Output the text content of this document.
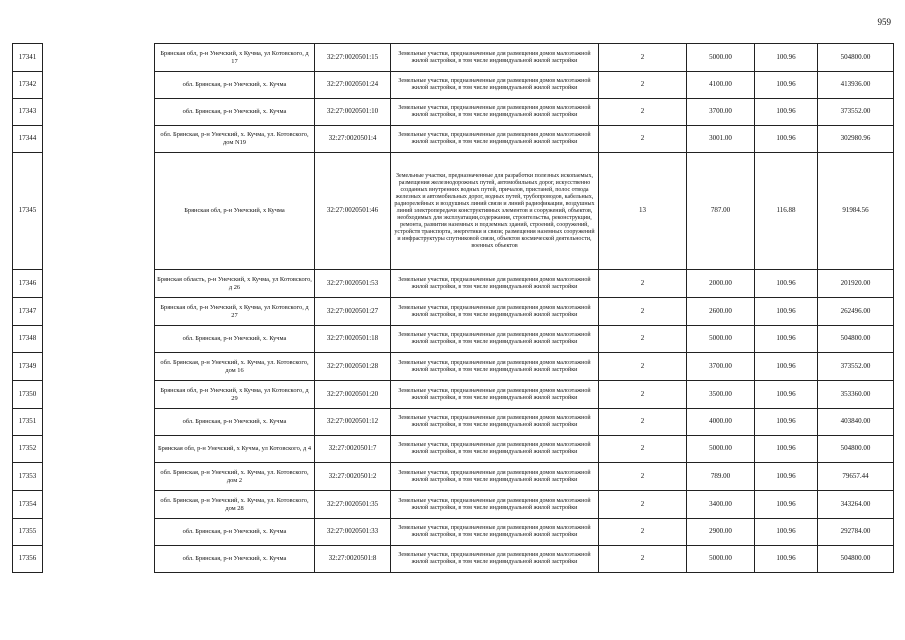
959
17341		Брянская обл, р-н Унечский, х Кучма, ул Котовского, д 17	32:27:0020501:15	Земельные участки, предназначенные для размещения домов малоэтажной жилой застройки, в том числе индивидуальной жилой застройки	2	5000.00	100.96	504800.00
17342		обл. Брянская, р-н Унечский, х. Кучма	32:27:0020501:24	Земельные участки, предназначенные для размещения домов малоэтажной жилой застройки, в том числе индивидуальной жилой застройки	2	4100.00	100.96	413936.00
17343		обл. Брянская, р-н Унечский, х. Кучма	32:27:0020501:10	Земельные участки, предназначенные для размещения домов малоэтажной жилой застройки, в том числе индивидуальной жилой застройки	2	3700.00	100.96	373552.00
17344		обл. Брянская, р-н Унечский, х. Кучма, ул. Котовского, дом N19	32:27:0020501:4	Земельные участки, предназначенные для размещения домов малоэтажной жилой застройки, в том числе индивидуальной жилой застройки	2	3001.00	100.96	302980.96
17345		Брянская обл, р-н Унечский, х Кучма	32:27:0020501:46	Земельные участки, предназначенные для разработки полезных ископаемых, размещения железнодорожных путей, автомобильных дорог, искусственно созданных внутренних водных путей, причалов, пристаней, полос отвода железных и автомобильных дорог, водных путей, трубопроводов, кабельных, радиорелейных и воздушных линий связи и линий радиофикации, воздушных линий электропередачи конструктивных элементов и сооружений, объектов, необходимых для эксплуатации,содержания, строительства, реконструкции, ремонта, развития наземных и подземных зданий, строений, сооружений, устройств транспорта, энергетики и связи; размещения наземных сооружений и инфраструктуры спутниковой связи, объектов космической деятельности, военных объектов	13	787.00	116.88	91984.56
17346		Брянская область, р-н Унечский, х Кучма, ул Котовского, д 26	32:27:0020501:53	Земельные участки, предназначенные для размещения домов малоэтажной жилой застройки, в том числе индивидуальной жилой застройки	2	2000.00	100.96	201920.00
17347		Брянская обл, р-н Унечский, х Кучма, ул Котовского, д 27	32:27:0020501:27	Земельные участки, предназначенные для размещения домов малоэтажной жилой застройки, в том числе индивидуальной жилой застройки	2	2600.00	100.96	262496.00
17348		обл. Брянская, р-н Унечский, х. Кучма	32:27:0020501:18	Земельные участки, предназначенные для размещения домов малоэтажной жилой застройки, в том числе индивидуальной жилой застройки	2	5000.00	100.96	504800.00
17349		обл. Брянская, р-н Унечский, х. Кучма, ул. Котовского, дом 16	32:27:0020501:28	Земельные участки, предназначенные для размещения домов малоэтажной жилой застройки, в том числе индивидуальной жилой застройки	2	3700.00	100.96	373552.00
17350		Брянская обл, р-н Унечский, х Кучма, ул Котовского, д 29	32:27:0020501:20	Земельные участки, предназначенные для размещения домов малоэтажной жилой застройки, в том числе индивидуальной жилой застройки	2	3500.00	100.96	353360.00
17351		обл. Брянская, р-н Унечский, х. Кучма	32:27:0020501:12	Земельные участки, предназначенные для размещения домов малоэтажной жилой застройки, в том числе индивидуальной жилой застройки	2	4000.00	100.96	403840.00
17352		Брянская обл, р-н Унечский, х Кучма, ул Котовского, д 4	32:27:0020501:7	Земельные участки, предназначенные для размещения домов малоэтажной жилой застройки, в том числе индивидуальной жилой застройки	2	5000.00	100.96	504800.00
17353		обл. Брянская, р-н Унечский, х. Кучма, ул. Котовского, дом 2	32:27:0020501:2	Земельные участки, предназначенные для размещения домов малоэтажной жилой застройки, в том числе индивидуальной жилой застройки	2	789.00	100.96	79657.44
17354		обл. Брянская, р-н Унечский, х. Кучма, ул. Котовского, дом 28	32:27:0020501:35	Земельные участки, предназначенные для размещения домов малоэтажной жилой застройки, в том числе индивидуальной жилой застройки	2	3400.00	100.96	343264.00
17355		обл. Брянская, р-н Унечский, х. Кучма	32:27:0020501:33	Земельные участки, предназначенные для размещения домов малоэтажной жилой застройки, в том числе индивидуальной жилой застройки	2	2900.00	100.96	292784.00
17356		обл. Брянская, р-н Унечский, х. Кучма	32:27:0020501:8	Земельные участки, предназначенные для размещения домов малоэтажной жилой застройки, в том числе индивидуальной жилой застройки	2	5000.00	100.96	504800.00
